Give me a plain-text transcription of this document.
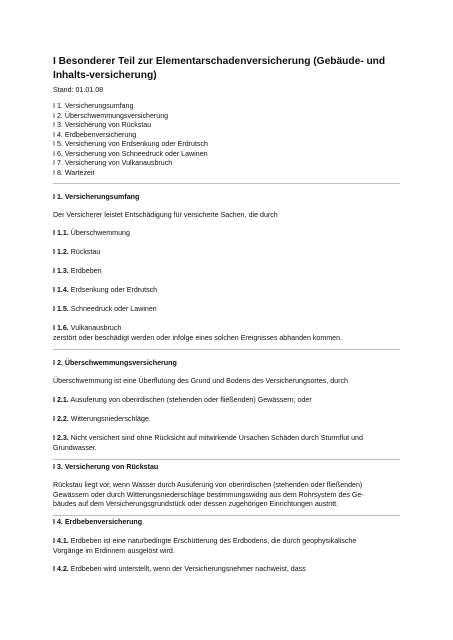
I Besonderer Teil zur Elementarschadenversicherung (Gebäude- und Inhalts-versicherung)
Stand: 01.01.08
I 1. Versicherungsumfang
I 2. Überschwemmungsversicherung
I 3. Versicherung von Rückstau
I 4. Erdbebenversicherung
I 5. Versicherung von Erdsenkung oder Erdrutsch
I 6. Versicherung von Schneedruck oder Lawinen
I 7. Versicherung von Vulkanausbruch
I 8. Wartezeit
I 1. Versicherungsumfang
Der Versicherer leistet Entschädigung für versicherte Sachen, die durch
I 1.1. Überschwemmung
I 1.2. Rückstau
I 1.3. Erdbeben
I 1.4. Erdsenkung oder Erdrutsch
I 1.5. Schneedruck oder Lawinen
I 1.6. Vulkanausbruch
zerstört oder beschädigt werden oder infolge eines solchen Ereignisses abhanden kommen.
I 2. Überschwemmungsversicherung
Überschwemmung ist eine Überflutung des Grund und Bodens des Versicherungsortes, durch
I 2.1. Ausuferung von oberirdischen (stehenden oder fließenden) Gewässern; oder
I 2.2. Witterungsniederschläge.
I 2.3. Nicht versichert sind ohne Rücksicht auf mitwirkende Ursachen Schäden durch Sturmflut und
Grundwasser.
I 3. Versicherung von Rückstau
Rückstau liegt vor, wenn Wasser durch Ausuferung von oberirdischen (stehenden oder fließenden)
Gewässern oder durch Witterungsniederschläge bestimmungswidrig aus dem Rohrsystem des Ge-
bäudes auf dem Versicherungsgrundstück oder dessen zugehörigen Einrichtungen austritt.
I 4. Erdbebenversicherung
I 4.1. Erdbeben ist eine naturbedingte Erschütterung des Erdbodens, die durch geophysikalische
Vorgänge im Erdinnern ausgelöst wird.
I 4.2. Erdbeben wird unterstellt, wenn der Versicherungsnehmer nachweist, dass
